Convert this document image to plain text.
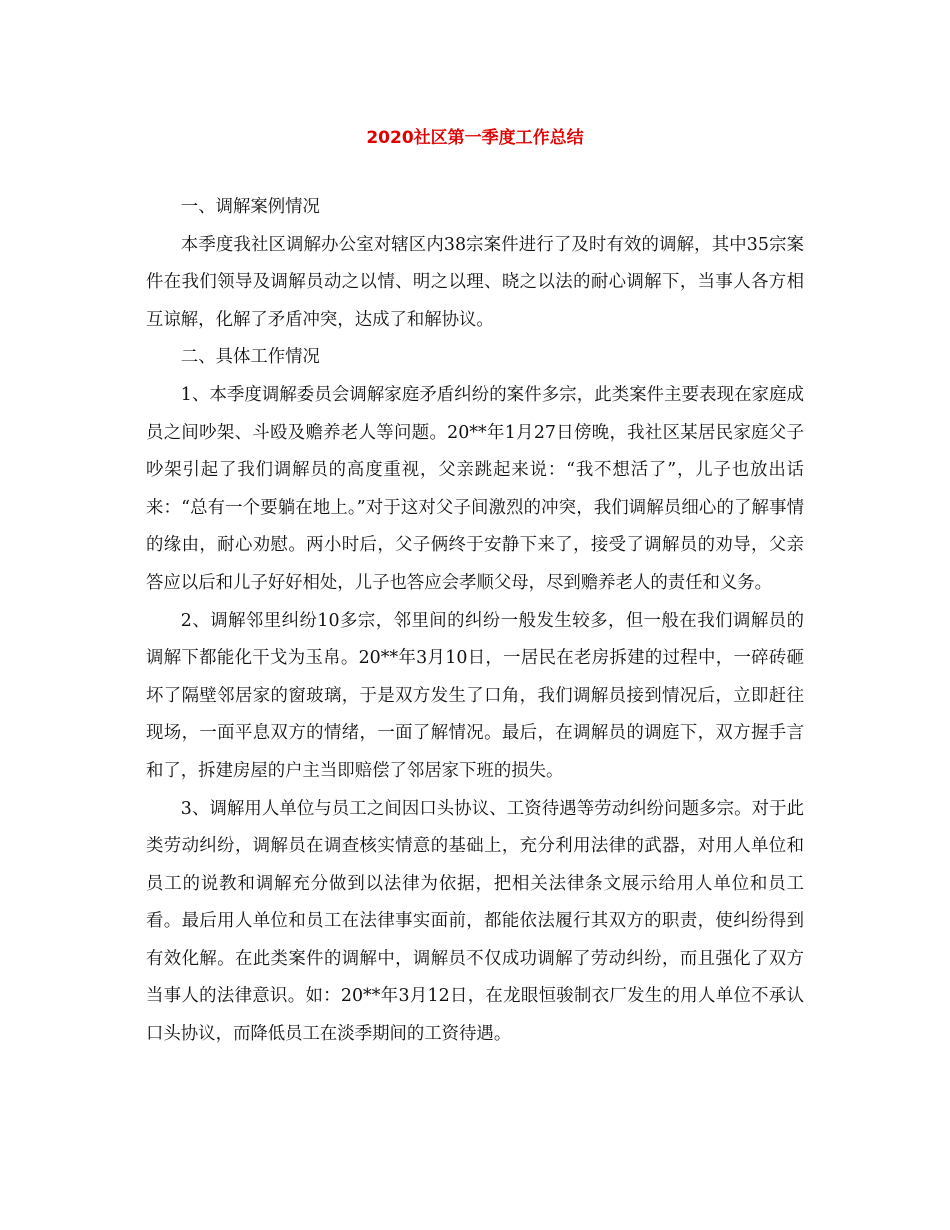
2020社区第一季度工作总结

一、调解案例情况

本季度我社区调解办公室对辖区内38宗案件进行了及时有效的调解，其中35宗案件在我们领导及调解员动之以情、明之以理、晓之以法的耐心调解下，当事人各方相互谅解，化解了矛盾冲突，达成了和解协议。

二、具体工作情况

1、本季度调解委员会调解家庭矛盾纠纷的案件多宗，此类案件主要表现在家庭成员之间吵架、斗殴及赡养老人等问题。20**年1月27日傍晚，我社区某居民家庭父子吵架引起了我们调解员的高度重视，父亲跳起来说：“我不想活了”，儿子也放出话来：“总有一个要躺在地上。”对于这对父子间激烈的冲突，我们调解员细心的了解事情的缘由，耐心劝慰。两小时后，父子俩终于安静下来了，接受了调解员的劝导，父亲答应以后和儿子好好相处，儿子也答应会孝顺父母，尽到赡养老人的责任和义务。

2、调解邻里纠纷10多宗，邻里间的纠纷一般发生较多，但一般在我们调解员的调解下都能化干戈为玉帛。20**年3月10日，一居民在老房拆建的过程中，一碎砖砸坏了隔壁邻居家的窗玻璃，于是双方发生了口角，我们调解员接到情况后，立即赶往现场，一面平息双方的情绪，一面了解情况。最后，在调解员的调庭下，双方握手言和了，拆建房屋的户主当即赔偿了邻居家下班的损失。

3、调解用人单位与员工之间因口头协议、工资待遇等劳动纠纷问题多宗。对于此类劳动纠纷，调解员在调查核实情意的基础上，充分利用法律的武器，对用人单位和员工的说教和调解充分做到以法律为依据，把相关法律条文展示给用人单位和员工看。最后用人单位和员工在法律事实面前，都能依法履行其双方的职责，使纠纷得到有效化解。在此类案件的调解中，调解员不仅成功调解了劳动纠纷，而且强化了双方当事人的法律意识。如：20**年3月12日，在龙眼恒骏制衣厂发生的用人单位不承认口头协议，而降低员工在淡季期间的工资待遇。
